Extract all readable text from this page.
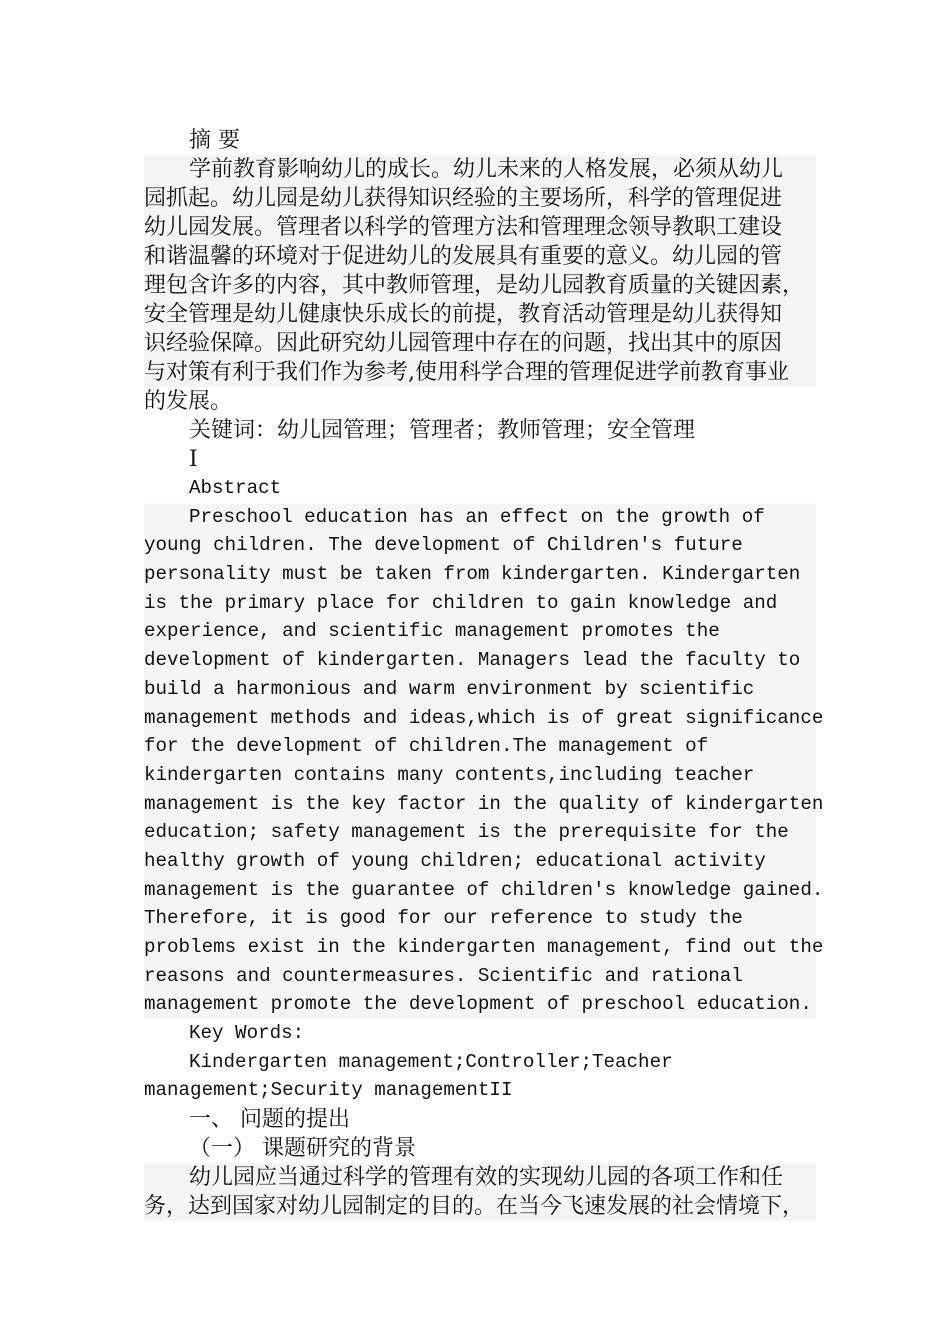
摘 要
学前教育影响幼儿的成长。幼儿未来的人格发展，必须从幼儿
园抓起。幼儿园是幼儿获得知识经验的主要场所，科学的管理促进
幼儿园发展。管理者以科学的管理方法和管理理念领导教职工建设
和谐温馨的环境对于促进幼儿的发展具有重要的意义。幼儿园的管
理包含许多的内容，其中教师管理，是幼儿园教育质量的关键因素，
安全管理是幼儿健康快乐成长的前提，教育活动管理是幼儿获得知
识经验保障。因此研究幼儿园管理中存在的问题，找出其中的原因
与对策有利于我们作为参考,使用科学合理的管理促进学前教育事业
的发展。
关键词：幼儿园管理；管理者；教师管理；安全管理
I
Abstract
Preschool education has an effect on the growth of
young children. The development of Children's future
personality must be taken from kindergarten. Kindergarten
is the primary place for children to gain knowledge and
experience, and scientific management promotes the
development of kindergarten. Managers lead the faculty to
build a harmonious and warm environment by scientific
management methods and ideas,which is of great significance
for the development of children.The management of
kindergarten contains many contents,including teacher
management is the key factor in the quality of kindergarten
education; safety management is the prerequisite for the
healthy growth of young children; educational activity
management is the guarantee of children's knowledge gained.
Therefore, it is good for our reference to study the
problems exist in the kindergarten management, find out the
reasons and countermeasures. Scientific and rational
management promote the development of preschool education.
Key Words:
Kindergarten management;Controller;Teacher
management;Security managementII
一、 问题的提出
（一） 课题研究的背景
幼儿园应当通过科学的管理有效的实现幼儿园的各项工作和任
务，达到国家对幼儿园制定的目的。在当今飞速发展的社会情境下，
